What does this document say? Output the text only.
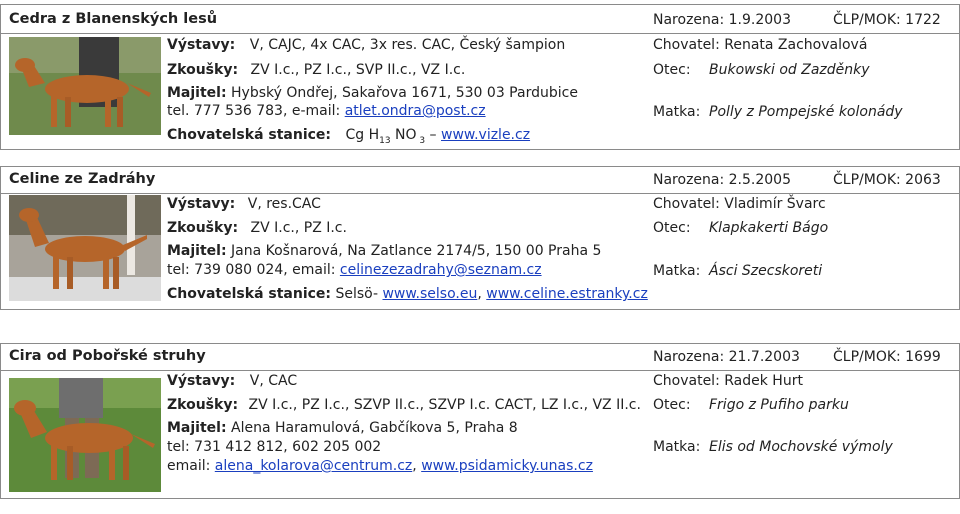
Cedra z Blanenských lesů	Narozena: 1.9.2003	ČLP/MOK: 1722
Výstavy: V, CAJC, 4x CAC, 3x res. CAC, Český šampion
Zkoušky: ZV I.c., PZ I.c., SVP II.c., VZ I.c.
Majitel: Hybský Ondřej, Sakařova 1671, 530 03 Pardubice
tel. 777 536 783, e-mail: atlet.ondra@post.cz
Chovatelská stanice: Cg $H_{13}$ NO $_3$ – www.vizle.cz
Chovatel: Renata Zachovalová
Otec: Bukowski od Zazděnky
Matka: Polly z Pompejské kolonády
Celine ze Zadráhy	Narozena: 2.5.2005	ČLP/MOK: 2063
Výstavy: V, res.CAC
Zkoušky: ZV I.c., PZ I.c.
Majitel: Jana Košnarová, Na Zatlance 2174/5, 150 00 Praha 5
tel: 739 080 024, email: celinezezadrahy@seznam.cz
Chovatelská stanice: Selsö- www.selso.eu, www.celine.estranky.cz
Chovatel: Vladimír Švarc
Otec: Klapkakerti Bágo
Matka: Ásci Szecskoreti
Cira od Pobořské struhy	Narozena: 21.7.2003 ČLP/MOK: 1699
Výstavy: V, CAC
Zkoušky: ZV I.c., PZ I.c., SZVP II.c., SZVP I.c. CACT, LZ I.c., VZ II.c.
Majitel: Alena Haramulová, Gabčíkova 5, Praha 8
tel: 731 412 812, 602 205 002
email: alena_kolarova@centrum.cz, www.psidamicky.unas.cz
Chovatel: Radek Hurt
Otec: Frigo z Pufiho parku
Matka: Elis od Mochovské výmoly
